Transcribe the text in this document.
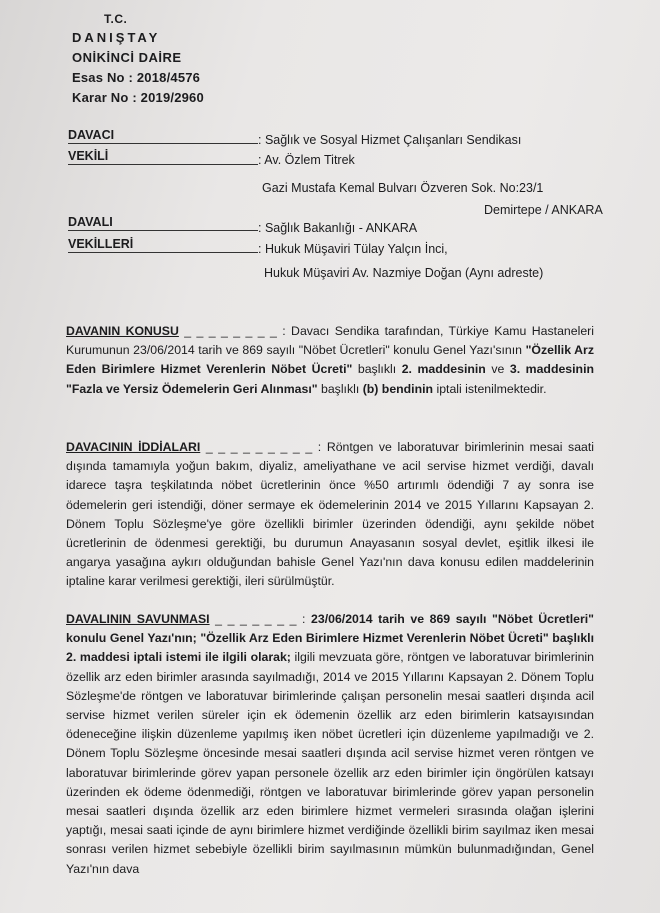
T.C.
DANIŞTAY
ONİKİNCİ DAİRE
Esas No : 2018/4576
Karar No : 2019/2960
DAVACI	: Sağlık ve Sosyal Hizmet Çalışanları Sendikası
VEKİLİ	: Av. Özlem Titrek
Gazi Mustafa Kemal Bulvarı Özveren Sok. No:23/1
Demirtepe / ANKARA
DAVALI	: Sağlık Bakanlığı - ANKARA
VEKİLLERİ	: Hukuk Müşaviri Tülay Yalçın İnci,
Hukuk Müşaviri Av. Nazmiye Doğan (Aynı adreste)
DAVANIN KONUSU _ _ _ _ _ _ _ _ : Davacı Sendika tarafından, Türkiye Kamu Hastaneleri Kurumunun 23/06/2014 tarih ve 869 sayılı "Nöbet Ücretleri" konulu Genel Yazı'sının "Özellik Arz Eden Birimlere Hizmet Verenlerin Nöbet Ücreti" başlıklı 2. maddesinin ve 3. maddesinin "Fazla ve Yersiz Ödemelerin Geri Alınması" başlıklı (b) bendinin iptali istenilmektedir.
DAVACININ İDDİALARI _ _ _ _ _ _ _ _ _ : Röntgen ve laboratuvar birimlerinin mesai saati dışında tamamıyla yoğun bakım, diyaliz, ameliyathane ve acil servise hizmet verdiği, davalı idarece taşra teşkilatında nöbet ücretlerinin önce %50 artırımlı ödendiği 7 ay sonra ise ödemelerin geri istendiği, döner sermaye ek ödemelerinin 2014 ve 2015 Yıllarını Kapsayan 2. Dönem Toplu Sözleşme'ye göre özellikli birimler üzerinden ödendiği, aynı şekilde nöbet ücretlerinin de ödenmesi gerektiği, bu durumun Anayasanın sosyal devlet, eşitlik ilkesi ile angarya yasağına aykırı olduğundan bahisle Genel Yazı'nın dava konusu edilen maddelerinin iptaline karar verilmesi gerektiği, ileri sürülmüştür.
DAVALININ SAVUNMASI _ _ _ _ _ _ _ : 23/06/2014 tarih ve 869 sayılı "Nöbet Ücretleri" konulu Genel Yazı'nın; "Özellik Arz Eden Birimlere Hizmet Verenlerin Nöbet Ücreti" başlıklı 2. maddesi iptali istemi ile ilgili olarak; ilgili mevzuata göre, röntgen ve laboratuvar birimlerinin özellik arz eden birimler arasında sayılmadığı, 2014 ve 2015 Yıllarını Kapsayan 2. Dönem Toplu Sözleşme'de röntgen ve laboratuvar birimlerinde çalışan personelin mesai saatleri dışında acil servise hizmet verilen süreler için ek ödemenin özellik arz eden birimlerin katsayısından ödeneceğine ilişkin düzenleme yapılmış iken nöbet ücretleri için düzenleme yapılmadığı ve 2. Dönem Toplu Sözleşme öncesinde mesai saatleri dışında acil servise hizmet veren röntgen ve laboratuvar birimlerinde görev yapan personele özellik arz eden birimler için öngörülen katsayı üzerinden ek ödeme ödenmediği, röntgen ve laboratuvar birimlerinde görev yapan personelin mesai saatleri dışında özellik arz eden birimlere hizmet vermeleri sırasında olağan işlerini yaptığı, mesai saati içinde de aynı birimlere hizmet verdiğinde özellikli birim sayılmaz iken mesai sonrası verilen hizmet sebebiyle özellikli birim sayılmasının mümkün bulunmadığından, Genel Yazı'nın dava
